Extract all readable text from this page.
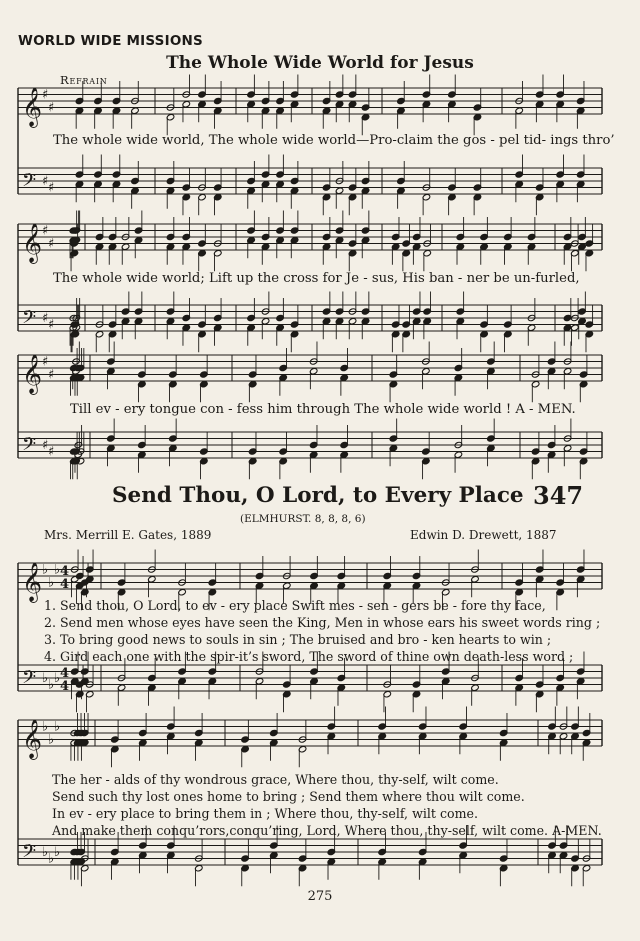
WORLD WIDE MISSIONS
The Whole Wide World for Jesus
Refrain
𝄞
𝄢
♯
♯
♯
♯
𝄞
𝄢
♯
♯
♯
♯
𝄞
𝄢
♯
♯
♯
♯
𝄞
𝄢
♭
♭
♭
♭
♭
♭
4
4
4
4
𝄞
𝄢
♭
♭
♭
♭
♭
♭
The whole wide world, The whole wide world—Pro-claim the gos - pel tid- ings thro’
The whole wide world; Lift up the cross for Je - sus, His ban - ner be un-furled,
Till ev - ery tongue con - fess him through The whole wide world ! A - MEN.
Send Thou, O Lord, to Every Place 347
(ELMHURST. 8, 8, 8, 6)
Mrs. Merrill E. Gates, 1889	Edwin D. Drewett, 1887
1. Send thou, O Lord, to ev - ery place Swift mes - sen - gers be - fore thy face,
2. Send men whose eyes have seen the King, Men in whose ears his sweet words ring ;
3. To bring good news to souls in sin ; The bruised and bro - ken hearts to win ;
4. Gird each one with the spir-it’s sword, The sword of thine own death-less word ;
The her - alds of thy wondrous grace, Where thou, thy-self, wilt come.
Send such thy lost ones home to bring ; Send them where thou wilt come.
In ev - ery place to bring them in ; Where thou, thy-self, wilt come.
And make them conqu’rors,conqu’ring, Lord, Where thou, thy-self, wilt come. A-MEN.
275
